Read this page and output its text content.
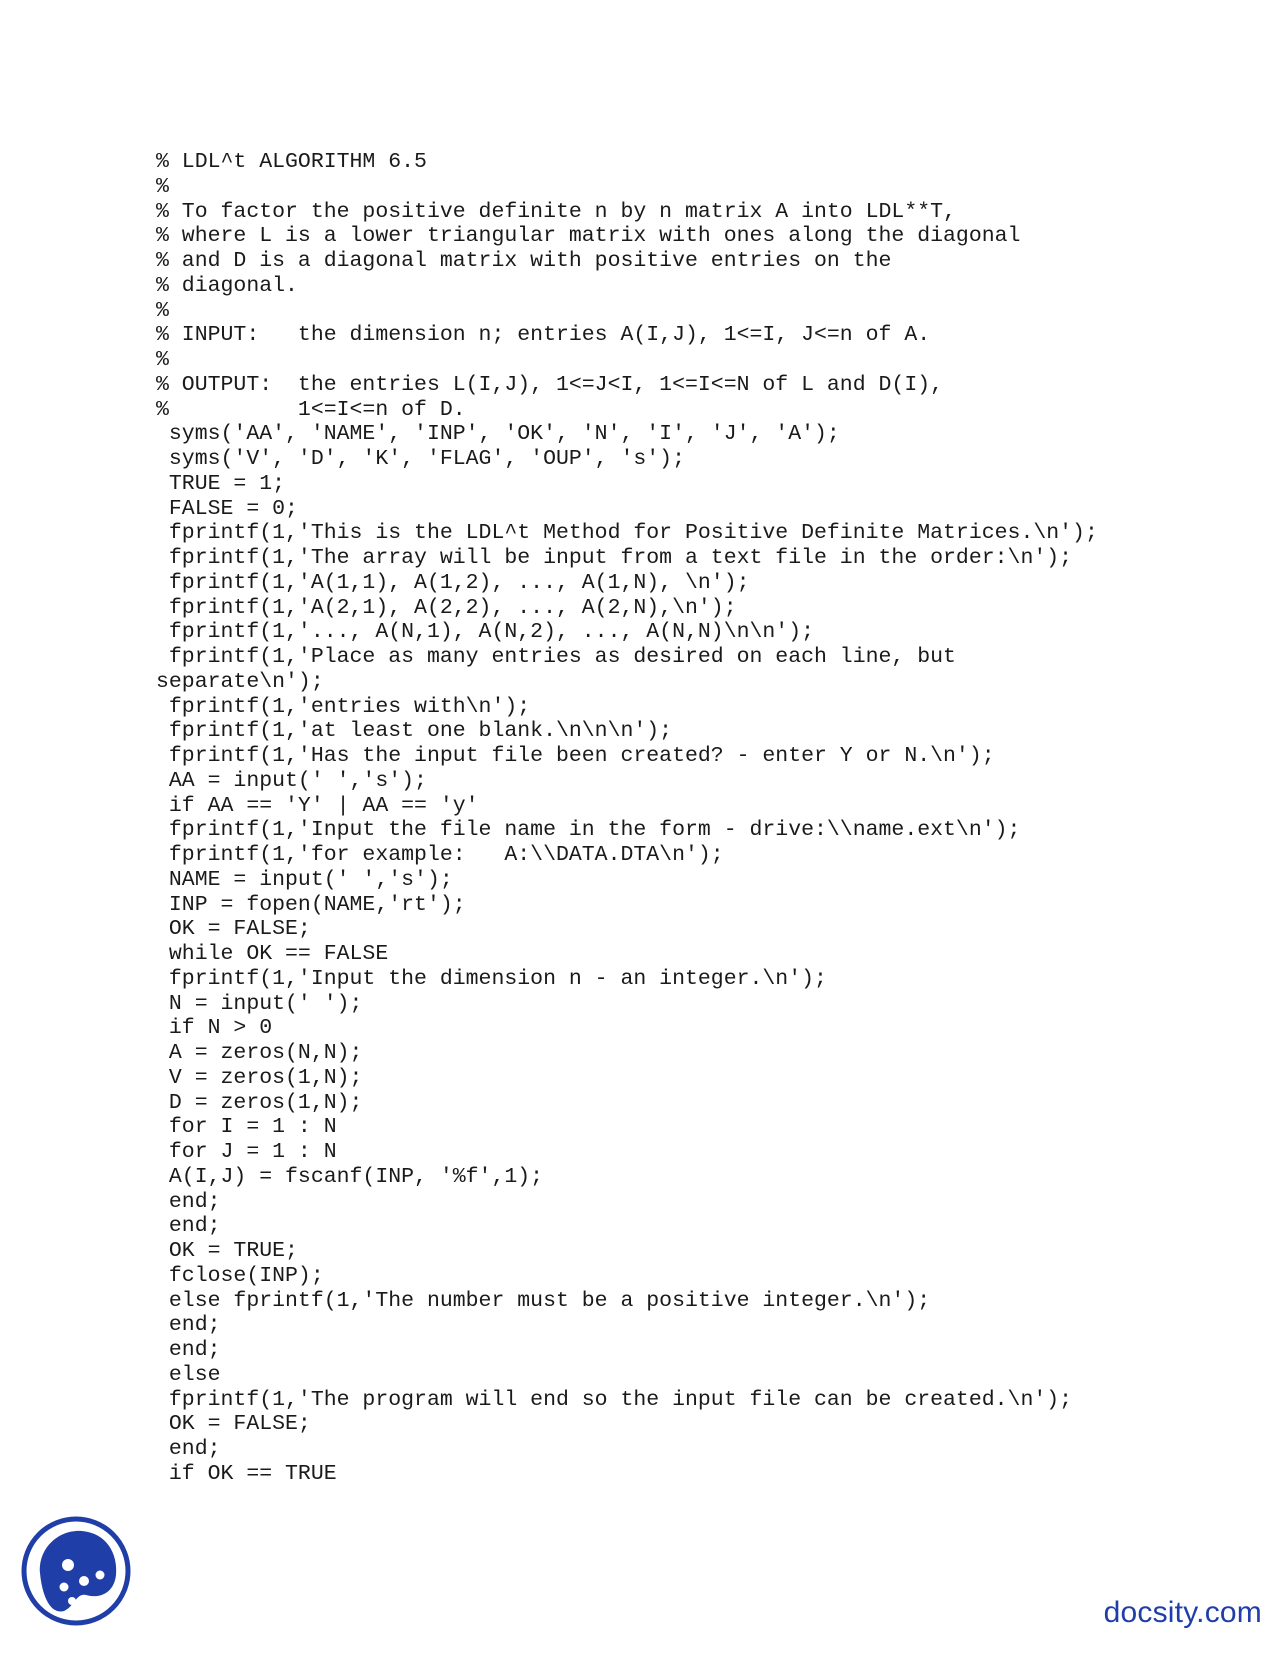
% LDL^t ALGORITHM 6.5
%
% To factor the positive definite n by n matrix A into LDL**T,
% where L is a lower triangular matrix with ones along the diagonal
% and D is a diagonal matrix with positive entries on the
% diagonal.
%
% INPUT:   the dimension n; entries A(I,J), 1<=I, J<=n of A.
%
% OUTPUT:  the entries L(I,J), 1<=J<I, 1<=I<=N of L and D(I),
%          1<=I<=n of D.
syms('AA', 'NAME', 'INP', 'OK', 'N', 'I', 'J', 'A');
syms('V', 'D', 'K', 'FLAG', 'OUP', 's');
TRUE = 1;
FALSE = 0;
fprintf(1,'This is the LDL^t Method for Positive Definite Matrices.\n');
fprintf(1,'The array will be input from a text file in the order:\n');
fprintf(1,'A(1,1), A(1,2), ..., A(1,N), \n');
fprintf(1,'A(2,1), A(2,2), ..., A(2,N),\n');
fprintf(1,'..., A(N,1), A(N,2), ..., A(N,N)\n\n');
fprintf(1,'Place as many entries as desired on each line, but
separate\n');
fprintf(1,'entries with\n');
fprintf(1,'at least one blank.\n\n\n');
fprintf(1,'Has the input file been created? - enter Y or N.\n');
AA = input(' ','s');
if AA == 'Y' | AA == 'y'
fprintf(1,'Input the file name in the form - drive:\\name.ext\n');
fprintf(1,'for example:   A:\\DATA.DTA\n');
NAME = input(' ','s');
INP = fopen(NAME,'rt');
OK = FALSE;
while OK == FALSE
fprintf(1,'Input the dimension n - an integer.\n');
N = input(' ');
if N > 0
A = zeros(N,N);
V = zeros(1,N);
D = zeros(1,N);
for I = 1 : N
for J = 1 : N
A(I,J) = fscanf(INP, '%f',1);
end;
end;
OK = TRUE;
fclose(INP);
else fprintf(1,'The number must be a positive integer.\n');
end;
end;
else
fprintf(1,'The program will end so the input file can be created.\n');
OK = FALSE;
end;
if OK == TRUE
docsity.com
